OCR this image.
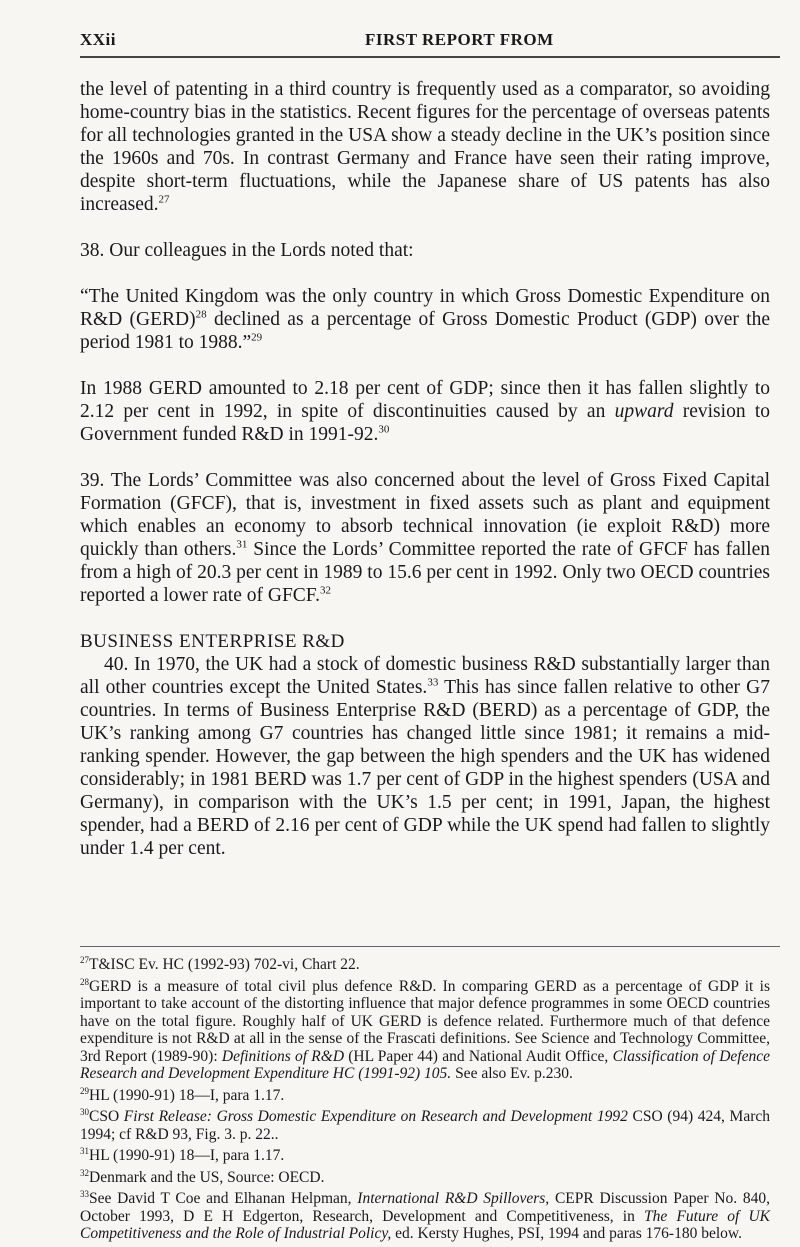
XXii	FIRST REPORT FROM

the level of patenting in a third country is frequently used as a comparator, so avoiding home-country bias in the statistics. Recent figures for the percentage of overseas patents for all technologies granted in the USA show a steady decline in the UK’s position since the 1960s and 70s. In contrast Germany and France have seen their rating improve, despite short-term fluctuations, while the Japanese share of US patents has also increased.$^{27}$

38. Our colleagues in the Lords noted that:

“The United Kingdom was the only country in which Gross Domestic Expenditure on R&D (GERD)$^{28}$ declined as a percentage of Gross Domestic Product (GDP) over the period 1981 to 1988.”$^{29}$

In 1988 GERD amounted to 2.18 per cent of GDP; since then it has fallen slightly to 2.12 per cent in 1992, in spite of discontinuities caused by an upward revision to Government funded R&D in 1991-92.30

39. The Lords’ Committee was also concerned about the level of Gross Fixed Capital Formation (GFCF), that is, investment in fixed assets such as plant and equipment which enables an economy to absorb technical innovation (ie exploit R&D) more quickly than others.$^{31}$ Since the Lords’ Committee reported the rate of GFCF has fallen from a high of 20.3 per cent in 1989 to 15.6 per cent in 1992. Only two OECD countries reported a lower rate of GFCF.$^{32}$

BUSINESS ENTERPRISE R&D

40. In 1970, the UK had a stock of domestic business R&D substantially larger than all other countries except the United States.$^{33}$ This has since fallen relative to other G7 countries. In terms of Business Enterprise R&D (BERD) as a percentage of GDP, the UK’s ranking among G7 countries has changed little since 1981; it remains a mid-ranking spender. However, the gap between the high spenders and the UK has widened considerably; in 1981 BERD was 1.7 per cent of GDP in the highest spenders (USA and Germany), in comparison with the UK’s 1.5 per cent; in 1991, Japan, the highest spender, had a BERD of 2.16 per cent of GDP while the UK spend had fallen to slightly under 1.4 per cent.

$^{27}$T&ISC Ev. HC (1992-93) 702-vi, Chart 22.

$^{28}$GERD is a measure of total civil plus defence R&D. In comparing GERD as a percentage of GDP it is important to take account of the distorting influence that major defence programmes in some OECD countries have on the total figure. Roughly half of UK GERD is defence related. Furthermore much of that defence expenditure is not R&D at all in the sense of the Frascati definitions. See Science and Technology Committee, 3rd Report (1989-90): Definitions of R&D (HL Paper 44) and National Audit Office, Classification of Defence Research and Development Expenditure HC (1991-92) 105. See also Ev. p.230.

$^{29}$HL (1990-91) 18—I, para 1.17.

$^{30}$CSO First Release: Gross Domestic Expenditure on Research and Development 1992 CSO (94) 424, March 1994; cf R&D 93, Fig. 3. p. 22..

$^{31}$HL (1990-91) 18—I, para 1.17.

$^{32}$Denmark and the US, Source: OECD.

$^{33}$See David T Coe and Elhanan Helpman, International R&D Spillovers, CEPR Discussion Paper No. 840, October 1993, D E H Edgerton, Research, Development and Competitiveness, in The Future of UK Competitiveness and the Role of Industrial Policy, ed. Kersty Hughes, PSI, 1994 and paras 176-180 below.
